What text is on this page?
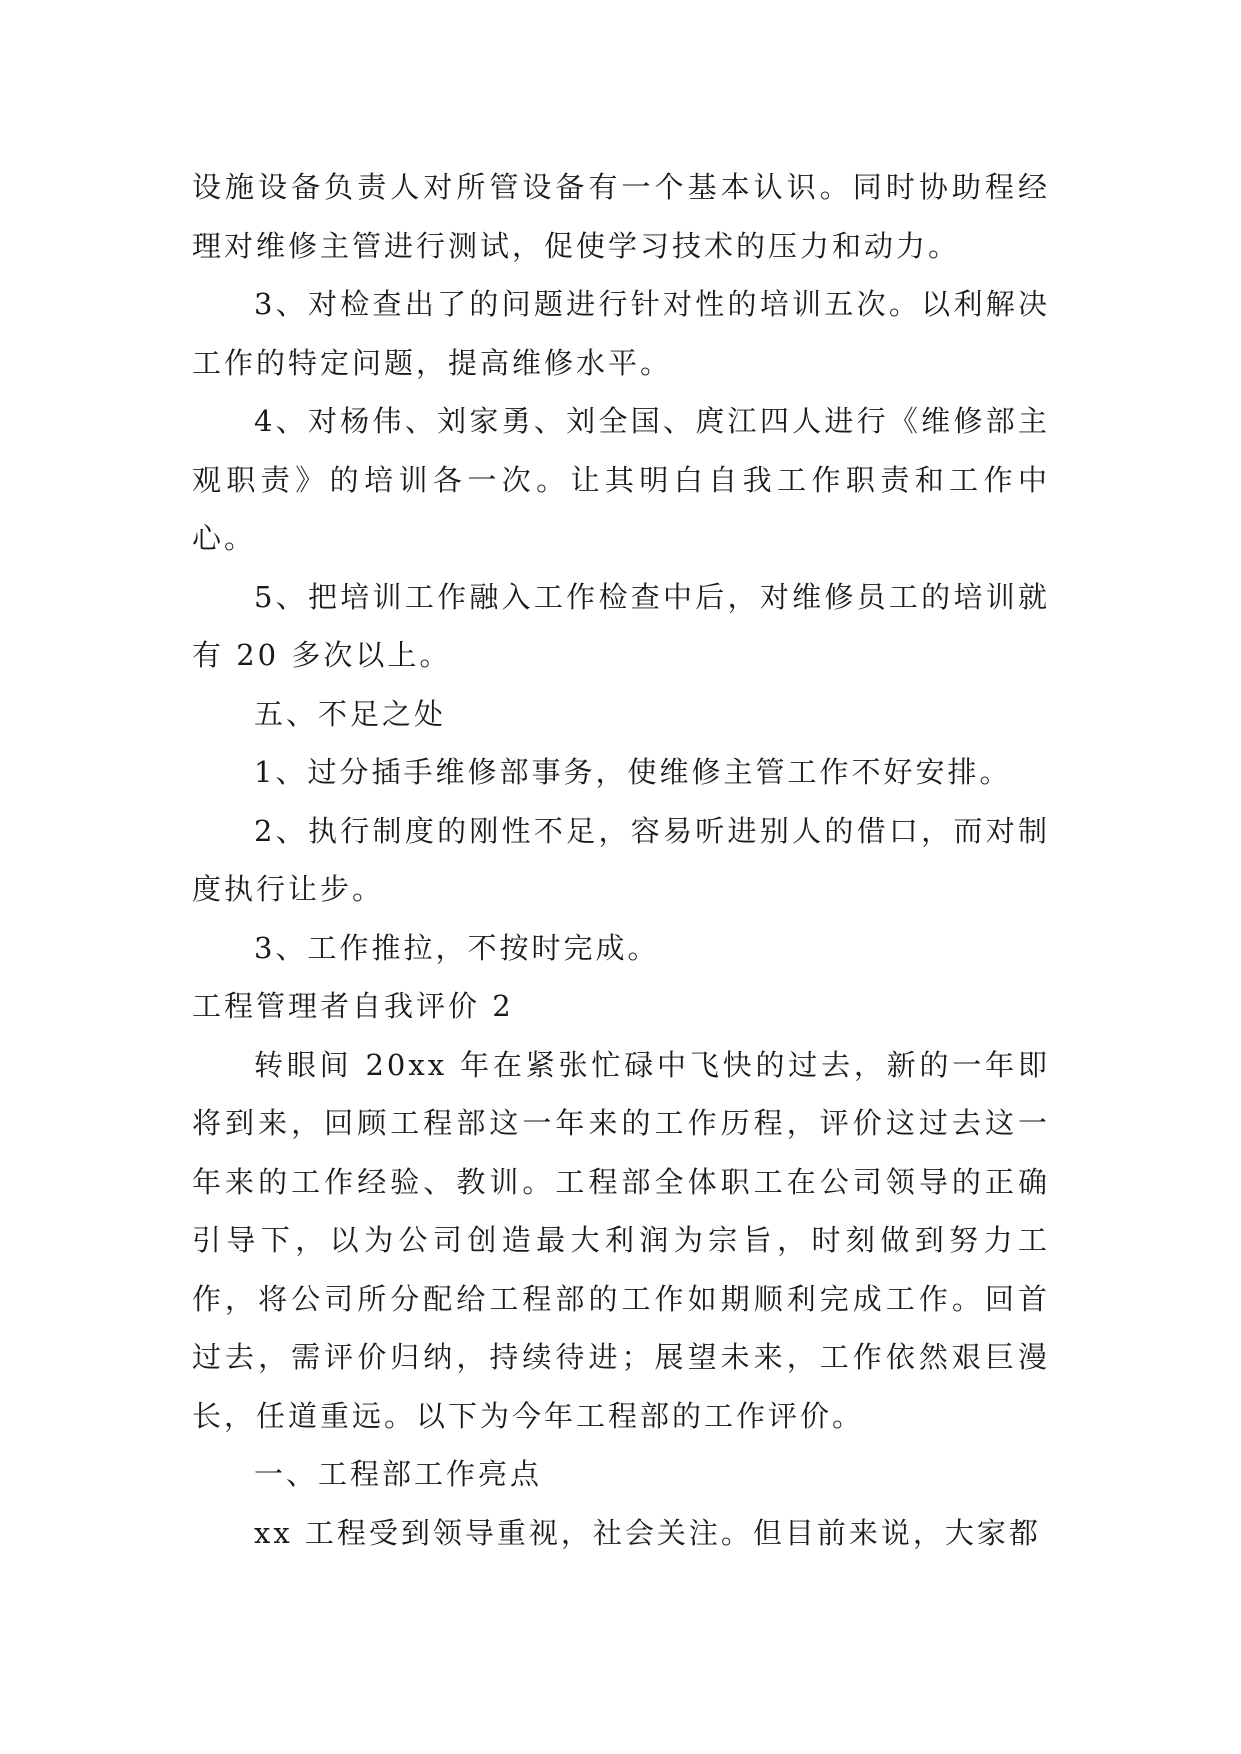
设施设备负责人对所管设备有一个基本认识。同时协助程经理对维修主管进行测试，促使学习技术的压力和动力。

3、对检查出了的问题进行针对性的培训五次。以利解决工作的特定问题，提高维修水平。

4、对杨伟、刘家勇、刘全国、庹江四人进行《维修部主观职责》的培训各一次。让其明白自我工作职责和工作中心。

5、把培训工作融入工作检查中后，对维修员工的培训就有 20 多次以上。

五、不足之处

1、过分插手维修部事务，使维修主管工作不好安排。

2、执行制度的刚性不足，容易听进别人的借口，而对制度执行让步。

3、工作推拉，不按时完成。

工程管理者自我评价 2

转眼间 20xx 年在紧张忙碌中飞快的过去，新的一年即将到来，回顾工程部这一年来的工作历程，评价这过去这一年来的工作经验、教训。工程部全体职工在公司领导的正确引导下，以为公司创造最大利润为宗旨，时刻做到努力工作，将公司所分配给工程部的工作如期顺利完成工作。回首过去，需评价归纳，持续待进；展望未来，工作依然艰巨漫长，任道重远。以下为今年工程部的工作评价。

一、工程部工作亮点

xx 工程受到领导重视，社会关注。但目前来说，大家都
